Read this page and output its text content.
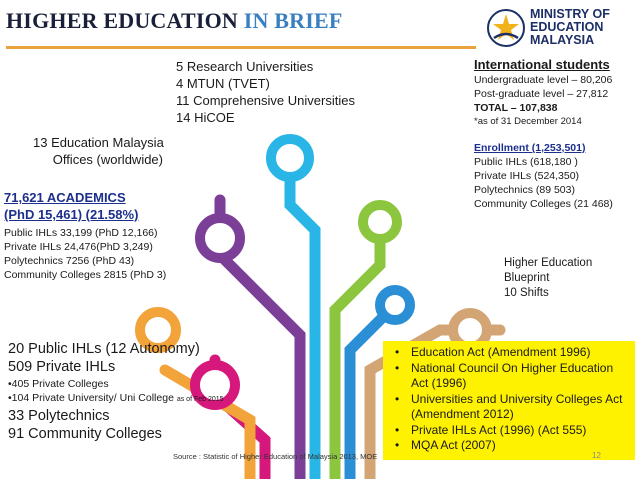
HIGHER EDUCATION IN BRIEF	MINISTRY OF
EDUCATION
MALAYSIA
5 Research Universities
4 MTUN (TVET)
11 Comprehensive Universities
14 HiCOE
13 Education Malaysia
Offices (worldwide)
71,621 ACADEMICS
(PhD 15,461) (21.58%)
Public IHLs 33,199 (PhD 12,166)
Private IHLs 24,476(PhD 3,249)
Polytechnics 7256 (PhD 43)
Community Colleges 2815 (PhD 3)
International students
Undergraduate level – 80,206
Post-graduate level – 27,812
TOTAL – 107,838
*as of 31 December 2014
Enrollment (1,253,501)
Public IHLs (618,180 )
Private IHLs (524,350)
Polytechnics (89 503)
Community Colleges (21 468)
Higher Education
Blueprint
10 Shifts
20 Public IHLs (12 Autonomy)
509 Private IHLs
•405 Private Colleges
•104 Private University/ Uni College as of Feb 2015
33 Polytechnics
91 Community Colleges
• Education Act (Amendment 1996)
• National Council On Higher Education Act (1996)
• Universities and University Colleges Act (Amendment 2012)
• Private IHLs Act (1996) (Act 555)
• MQA Act (2007)
Source : Statistic of Higher Education of Malaysia 2013, MOE	12
